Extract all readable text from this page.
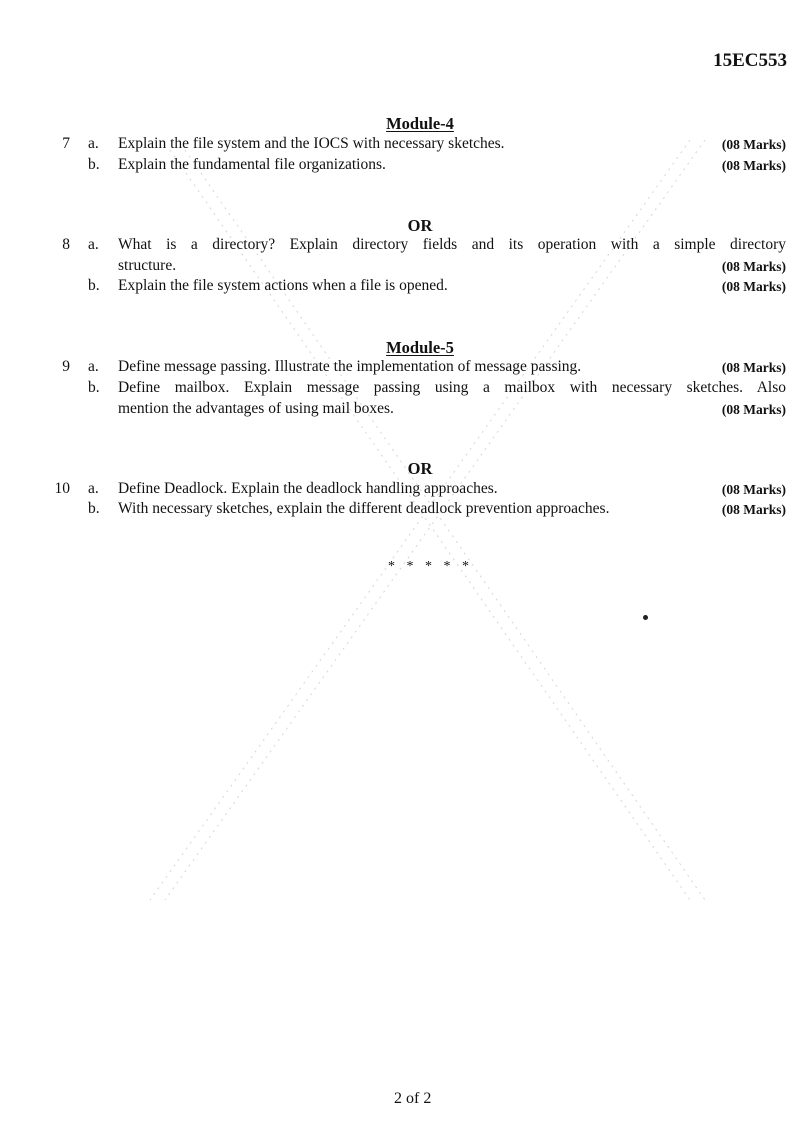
15EC553
Module-4
7 a. Explain the file system and the IOCS with necessary sketches.	(08 Marks)
b. Explain the fundamental file organizations.	(08 Marks)
OR
8 a. What is a directory? Explain directory fields and its operation with a simple directory
structure.	(08 Marks)
b. Explain the file system actions when a file is opened.	(08 Marks)
Module-5
9 a. Define message passing. Illustrate the implementation of message passing.	(08 Marks)
b. Define mailbox. Explain message passing using a mailbox with necessary sketches. Also
mention the advantages of using mail boxes.	(08 Marks)
OR
10 a. Define Deadlock. Explain the deadlock handling approaches.	(08 Marks)
b. With necessary sketches, explain the different deadlock prevention approaches.	(08 Marks)
* * * * *
2 of 2
